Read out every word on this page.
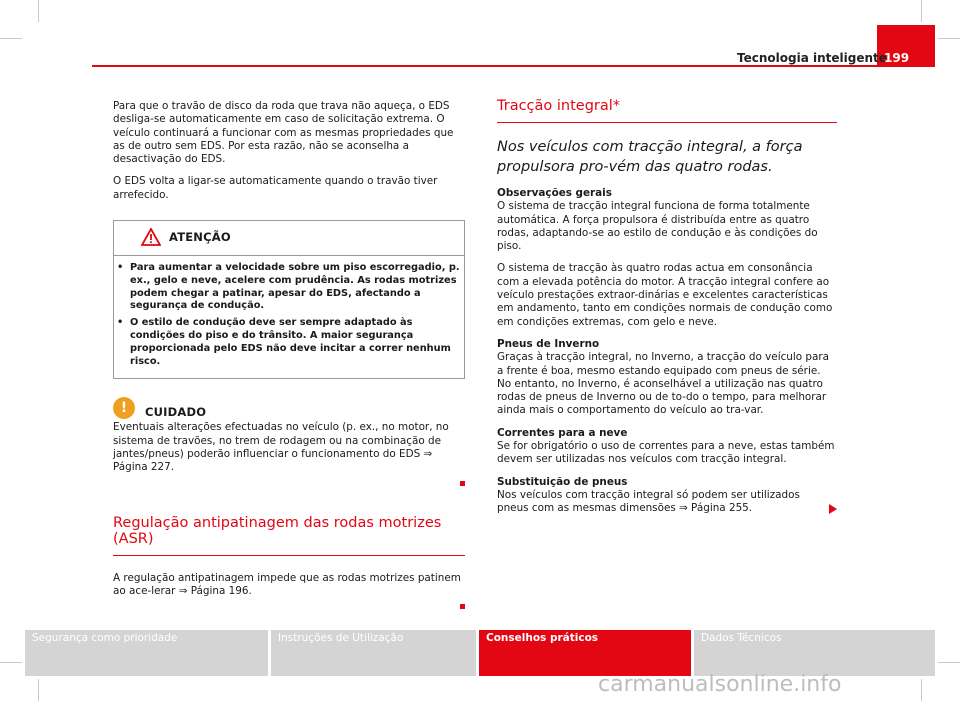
Tecnologia inteligente
199

Para que o travão de disco da roda que trava não aqueça, o EDS desliga-se automaticamente em caso de solicitação extrema. O veículo continuará a funcionar com as mesmas propriedades que as de outro sem EDS. Por esta razão, não se aconselha a desactivação do EDS.

O EDS volta a ligar-se automaticamente quando o travão tiver arrefecido.

ATENÇÃO
• Para aumentar a velocidade sobre um piso escorregadio, p. ex., gelo e neve, acelere com prudência. As rodas motrizes podem chegar a patinar, apesar do EDS, afectando a segurança de condução.
• O estilo de condução deve ser sempre adaptado às condições do piso e do trânsito. A maior segurança proporcionada pelo EDS não deve incitar a correr nenhum risco.
!	CUIDADO

Eventuais alterações efectuadas no veículo (p. ex., no motor, no sistema de travões, no trem de rodagem ou na combinação de jantes/pneus) poderão influenciar o funcionamento do EDS ⇒ Página 227.

Regulação antipatinagem das rodas motrizes (ASR)

A regulação antipatinagem impede que as rodas motrizes patinem ao ace-lerar ⇒ Página 196.

Tracção integral*
Nos veículos com tracção integral, a força propulsora pro-vém das quatro rodas.
Observações gerais

O sistema de tracção integral funciona de forma totalmente automática. A força propulsora é distribuída entre as quatro rodas, adaptando-se ao estilo de condução e às condições do piso.

O sistema de tracção às quatro rodas actua em consonância com a elevada potência do motor. A tracção integral confere ao veículo prestações extraor-dinárias e excelentes características em andamento, tanto em condições normais de condução como em condições extremas, com gelo e neve.

Pneus de Inverno

Graças à tracção integral, no Inverno, a tracção do veículo para a frente é boa, mesmo estando equipado com pneus de série. No entanto, no Inverno, é aconselhável a utilização nas quatro rodas de pneus de Inverno ou de to-do o tempo, para melhorar ainda mais o comportamento do veículo ao tra-var.

Correntes para a neve

Se for obrigatório o uso de correntes para a neve, estas também devem ser utilizadas nos veículos com tracção integral.

Substituição de pneus

Nos veículos com tracção integral só podem ser utilizados pneus com as mesmas dimensões ⇒ Página 255.

Segurança como prioridade	Instruções de Utilização	Conselhos práticos	Dados Técnicos
carmanualsonline.info
